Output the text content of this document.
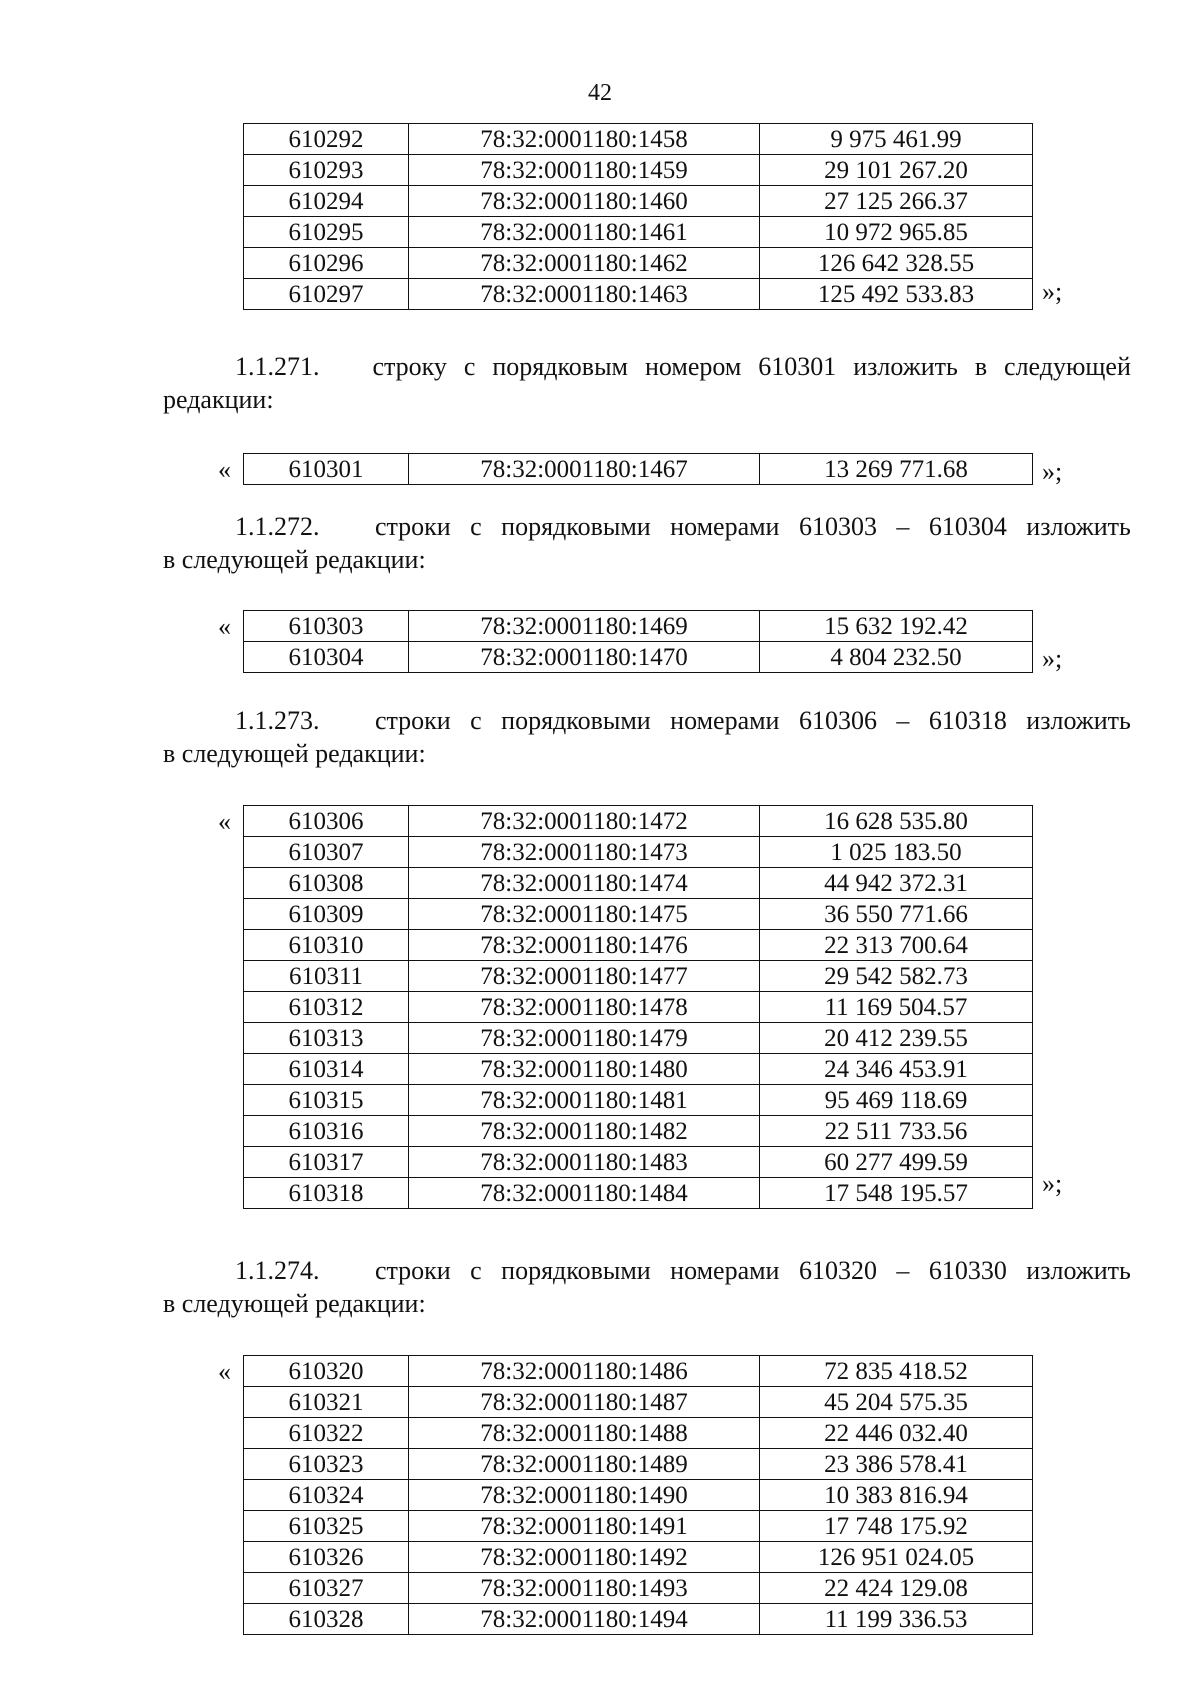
42
610292	78:32:0001180:1458	9 975 461.99
610293	78:32:0001180:1459	29 101 267.20
610294	78:32:0001180:1460	27 125 266.37
610295	78:32:0001180:1461	10 972 965.85
610296	78:32:0001180:1462	126 642 328.55
610297	78:32:0001180:1463	125 492 533.83	»;
1.1.271. строку с порядковым номером 610301 изложить в следующей
редакции:
« 610301	78:32:0001180:1467	13 269 771.68	»;
1.1.272. строки с порядковыми номерами 610303 – 610304 изложить
в следующей редакции:
« 610303	78:32:0001180:1469	15 632 192.42
610304	78:32:0001180:1470	4 804 232.50	»;
1.1.273. строки с порядковыми номерами 610306 – 610318 изложить
в следующей редакции:
« 610306	78:32:0001180:1472	16 628 535.80
610307	78:32:0001180:1473	1 025 183.50
610308	78:32:0001180:1474	44 942 372.31
610309	78:32:0001180:1475	36 550 771.66
610310	78:32:0001180:1476	22 313 700.64
610311	78:32:0001180:1477	29 542 582.73
610312	78:32:0001180:1478	11 169 504.57
610313	78:32:0001180:1479	20 412 239.55
610314	78:32:0001180:1480	24 346 453.91
610315	78:32:0001180:1481	95 469 118.69
610316	78:32:0001180:1482	22 511 733.56
610317	78:32:0001180:1483	60 277 499.59
610318	78:32:0001180:1484	17 548 195.57	»;
1.1.274. строки с порядковыми номерами 610320 – 610330 изложить
в следующей редакции:
« 610320	78:32:0001180:1486	72 835 418.52
610321	78:32:0001180:1487	45 204 575.35
610322	78:32:0001180:1488	22 446 032.40
610323	78:32:0001180:1489	23 386 578.41
610324	78:32:0001180:1490	10 383 816.94
610325	78:32:0001180:1491	17 748 175.92
610326	78:32:0001180:1492	126 951 024.05
610327	78:32:0001180:1493	22 424 129.08
610328	78:32:0001180:1494	11 199 336.53
